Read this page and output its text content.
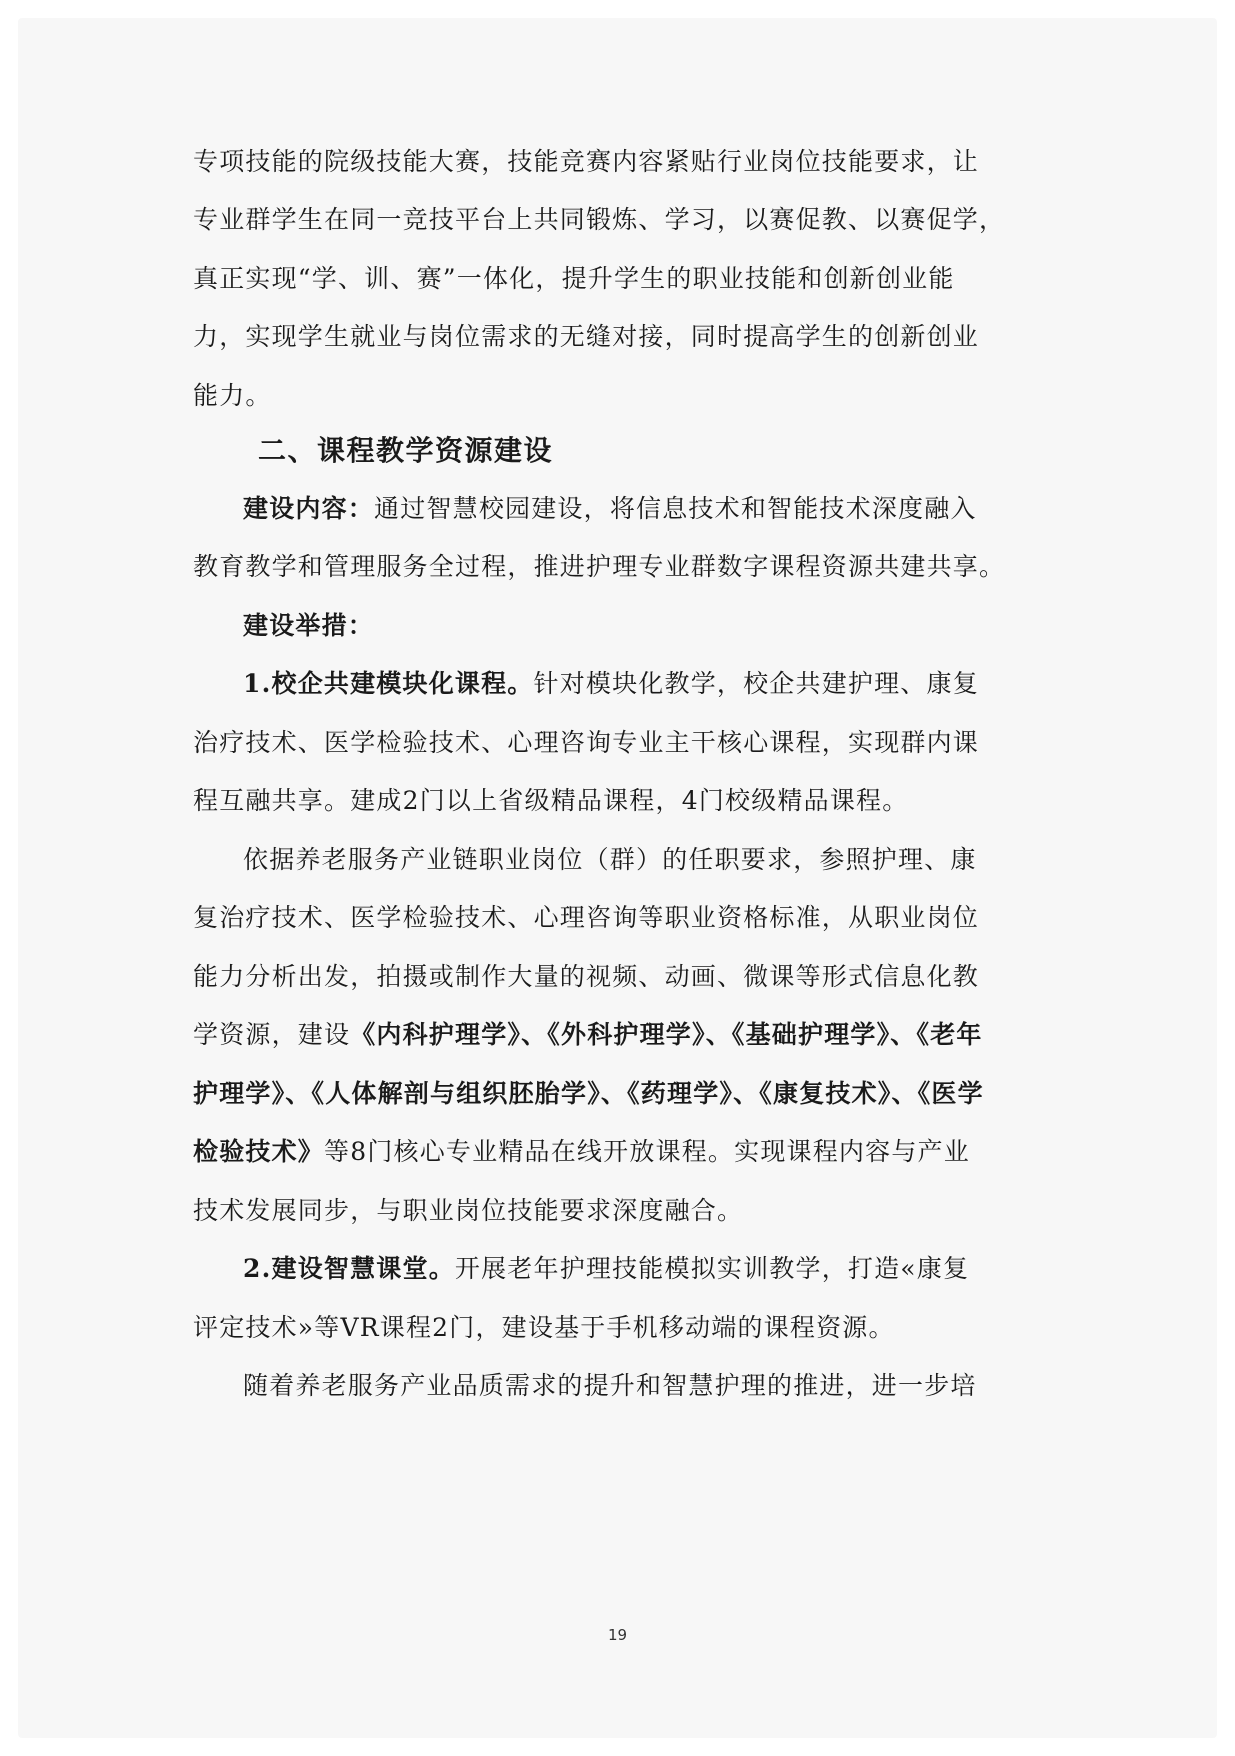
专项技能的院级技能大赛，技能竞赛内容紧贴行业岗位技能要求，让
专业群学生在同一竞技平台上共同锻炼、学习，以赛促教、以赛促学，
真正实现“学、训、赛”一体化，提升学生的职业技能和创新创业能
力，实现学生就业与岗位需求的无缝对接，同时提高学生的创新创业
能力。
二、课程教学资源建设
建设内容：通过智慧校园建设，将信息技术和智能技术深度融入
教育教学和管理服务全过程，推进护理专业群数字课程资源共建共享。
建设举措：
1.校企共建模块化课程。针对模块化教学，校企共建护理、康复
治疗技术、医学检验技术、心理咨询专业主干核心课程，实现群内课
程互融共享。建成2门以上省级精品课程，4门校级精品课程。
依据养老服务产业链职业岗位（群）的任职要求，参照护理、康
复治疗技术、医学检验技术、心理咨询等职业资格标准，从职业岗位
能力分析出发，拍摄或制作大量的视频、动画、微课等形式信息化教
学资源，建设《内科护理学》、《外科护理学》、《基础护理学》、《老年
护理学》、《人体解剖与组织胚胎学》、《药理学》、《康复技术》、《医学
检验技术》等8门核心专业精品在线开放课程。实现课程内容与产业
技术发展同步，与职业岗位技能要求深度融合。
2.建设智慧课堂。开展老年护理技能模拟实训教学，打造«康复
评定技术»等VR课程2门，建设基于手机移动端的课程资源。
随着养老服务产业品质需求的提升和智慧护理的推进，进一步培
19
